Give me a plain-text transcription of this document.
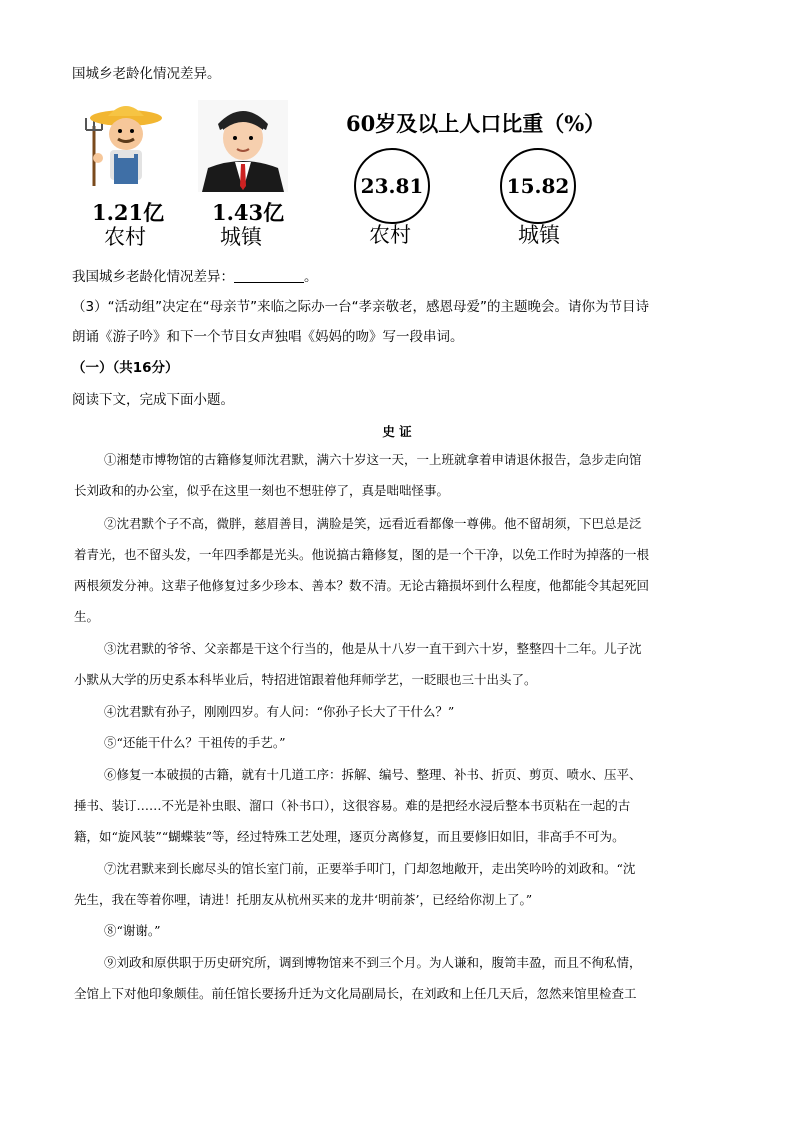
国城乡老龄化情况差异。
1.21亿
农村
1.43亿
城镇
60岁及以上人口比重（%）
23.81
农村
15.82
城镇
我国城乡老龄化情况差异：	。
（3）“活动组”决定在“母亲节”来临之际办一台“孝亲敬老，感恩母爱”的主题晚会。请你为节目诗
朗诵《游子吟》和下一个节目女声独唱《妈妈的吻》写一段串词。
（一）（共16分）
阅读下文，完成下面小题。
史 证
①湘楚市博物馆的古籍修复师沈君默，满六十岁这一天，一上班就拿着申请退休报告，急步走向馆
长刘政和的办公室，似乎在这里一刻也不想驻停了，真是咄咄怪事。
②沈君默个子不高，微胖，慈眉善目，满脸是笑，远看近看都像一尊佛。他不留胡须，下巴总是泛
着青光，也不留头发，一年四季都是光头。他说搞古籍修复，图的是一个干净，以免工作时为掉落的一根
两根须发分神。这辈子他修复过多少珍本、善本？数不清。无论古籍损坏到什么程度，他都能令其起死回
生。
③沈君默的爷爷、父亲都是干这个行当的，他是从十八岁一直干到六十岁，整整四十二年。儿子沈
小默从大学的历史系本科毕业后，特招进馆跟着他拜师学艺，一眨眼也三十出头了。
④沈君默有孙子，刚刚四岁。有人问：“你孙子长大了干什么？”
⑤“还能干什么？干祖传的手艺。”
⑥修复一本破损的古籍，就有十几道工序：拆解、编号、整理、补书、折页、剪页、喷水、压平、
捶书、装订……不光是补虫眼、溜口（补书口），这很容易。难的是把经水浸后整本书页粘在一起的古
籍，如“旋风装”“蝴蝶装”等，经过特殊工艺处理，逐页分离修复，而且要修旧如旧，非高手不可为。
⑦沈君默来到长廊尽头的馆长室门前，正要举手叩门，门却忽地敞开，走出笑吟吟的刘政和。“沈
先生，我在等着你哩，请进！托朋友从杭州买来的龙井‘明前茶’，已经给你沏上了。”
⑧“谢谢。”
⑨刘政和原供职于历史研究所，调到博物馆来不到三个月。为人谦和，腹笥丰盈，而且不徇私情，
全馆上下对他印象颇佳。前任馆长要扬升迁为文化局副局长，在刘政和上任几天后，忽然来馆里检查工
